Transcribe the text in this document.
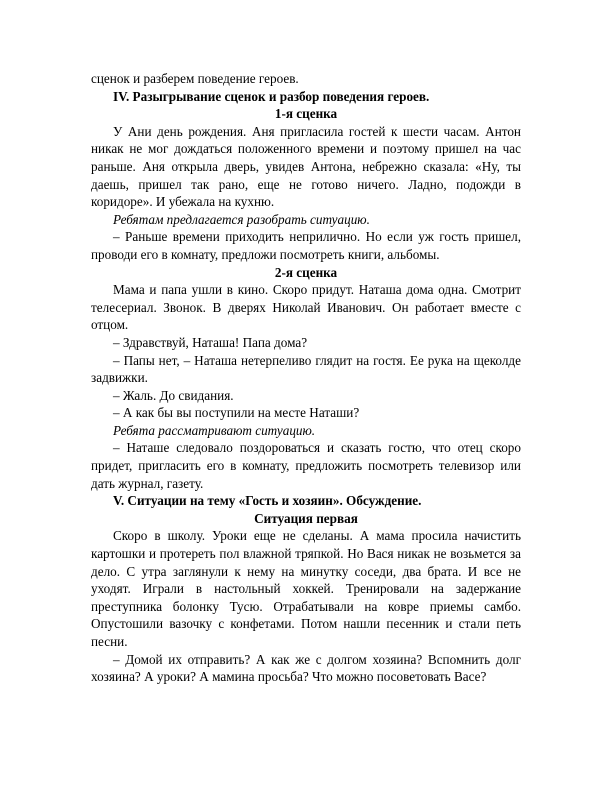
сценок и разберем поведение героев.

IV. Разыгрывание сценок и разбор поведения героев.

1-я сценка

У Ани день рождения. Аня пригласила гостей к шести часам. Антон никак не мог дождаться положенного времени и поэтому пришел на час раньше. Аня открыла дверь, увидев Антона, небрежно сказала: «Ну, ты даешь, пришел так рано, еще не готово ничего. Ладно, подожди в коридоре». И убежала на кухню.

Ребятам предлагается разобрать ситуацию.

– Раньше времени приходить неприлично. Но если уж гость пришел, проводи его в комнату, предложи посмотреть книги, альбомы.

2-я сценка

Мама и папа ушли в кино. Скоро придут. Наташа дома одна. Смотрит телесериал. Звонок. В дверях Николай Иванович. Он работает вместе с отцом.

– Здравствуй, Наташа! Папа дома?

– Папы нет, – Наташа нетерпеливо глядит на гостя. Ее рука на щеколде задвижки.

– Жаль. До свидания.

– А как бы вы поступили на месте Наташи?

Ребята рассматривают ситуацию.

– Наташе следовало поздороваться и сказать гостю, что отец скоро придет, пригласить его в комнату, предложить посмотреть телевизор или дать журнал, газету.

V. Ситуации на тему «Гость и хозяин». Обсуждение.

Ситуация первая

Скоро в школу. Уроки еще не сделаны. А мама просила начистить картошки и протереть пол влажной тряпкой. Но Вася никак не возьмется за дело. С утра заглянули к нему на минутку соседи, два брата. И все не уходят. Играли в настольный хоккей. Тренировали на задержание преступника болонку Тусю. Отрабатывали на ковре приемы самбо. Опустошили вазочку с конфетами. Потом нашли песенник и стали петь песни.

– Домой их отправить? А как же с долгом хозяина? Вспомнить долг хозяина? А уроки? А мамина просьба? Что можно посоветовать Васе?
